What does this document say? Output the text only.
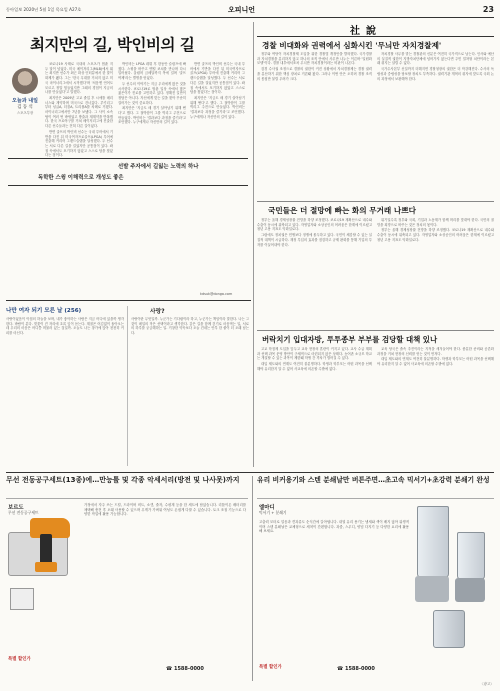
동아일보 2020년 5월 1일 목요일 A27호	오피니언	23
최지만의 길, 박인비의 길
오늘과 내일
김 동 석
스포츠부장

코로나19 사태로 국내외 스포츠가 멈춘 지 두 달이 넘었다. 미국 메이저리그(MLB)에서 뛰는 최지만 선수가 최근 화상 인터뷰에서 한 말이 화제가 됐다. 그는 '한국 무대를 거치지 않고 미국 마이너리그에서 시작했다'며 '처음엔 언어도 모르고 정말 힘들었지만 그때의 경험이 지금의 나를 만들었다'고 말했다.

최지만은 2009년 고교 졸업 후 시애틀 매리너스와 계약하며 미국으로 건너갔다. 루키리그부터 싱글A, 더블A, 트리플A를 차례로 거쳤다. 마이너리그에서만 7년을 보냈다. 그 사이 소속팀이 여러 번 바뀌었고 방출과 재계약을 반복했다. 한국 프로야구를 거쳐 메이저리그에 진출한 다른 선수들과는 전혀 다른 길이었다.

반면 골프의 박인비 선수는 국내 투어에서 기반을 다진 뒤 미국여자프로골프(LPGA) 투어에 진출해 커리어 그랜드슬램을 달성했다. 두 선수는 서로 다른 길을 걸었지만 공통점이 있다. 좌절 속에서도 포기하지 않았고 스스로 답을 찾았다는 점이다.

박인비는 LPGA 데뷔 후 한동안 슬럼프에 빠졌다. 스윙을 바꾸고 멘털 코치를 만나며 다시 일어섰다. 올림픽 금메달까지 목에 걸며 '골프 여제'라는 별명을 얻었다.

두 선수의 이야기는 지금 우리에게 많은 것을 시사한다. 코로나19로 멈춘 일상 속에서 많은 젊은이가 진로를 고민하고 있다. 정해진 길만이 정답은 아니다. 자신에게 맞는 길을 찾아 꾸준히 걸어가는 것이 중요하다.

최지만은 '지금도 매 경기 살아남기 위해 뛴다'고 했다. 그 절박함이 그를 빅리그 주전으로 만들었다. 박인비는 '결과보다 과정을 즐기라'고 조언했다. 누구에게나 자신만의 길이 있다.

반면 골프의 박인비 선수는 국내 투어에서 기반을 다진 뒤 미국여자프로골프(LPGA) 투어에 진출해 커리어 그랜드슬램을 달성했다. 두 선수는 서로 다른 길을 걸었지만 공통점이 있다. 좌절 속에서도 포기하지 않았고 스스로 답을 찾았다는 점이다.

최지만은 '지금도 매 경기 살아남기 위해 뛴다'고 했다. 그 절박함이 그를 빅리그 주전으로 만들었다. 박인비는 '결과보다 과정을 즐기라'고 조언했다. 누구에게나 자신만의 길이 있다.

선발 주자에서 길잃는 노력의 하나
독학한 스윙 이해력으로 개성도 좋은
kdsuk@donga.com
나만 여자 되기 모른 날 (256)
사랑이었음이 아침의 하늘을 보며, 내가 좋아하는 사람은 지금 어디에 있을까 생각한다. 바람이 분다. 벚꽃이 진 자리에 초록 잎이 돋는다. 계절은 어김없이 돌아오는데 우리의 마음은 어디쯤 머물러 있는 것일까. 오늘도 나는 창가에 앉아 천천히 커피를 마신다.
사랑?
사랑이란 무엇일까. 누군가는 기다림이라 하고, 누군가는 책임이라 말한다. 나는 그것이 매일의 작은 선택이라고 생각한다. 같은 길을 함께 걷기로 마음먹는 일, 서로의 하루를 궁금해하는 일. 거창한 약속보다 오늘 건네는 안부 한 줄이 더 오래 남는다.
社說
경찰 비대화와 권력에서 심화시킨 '무늬만 자치경찰제'

정부와 여당이 자치경찰제 도입을 위한 경찰법 개정안을 발의했다. 국가경찰과 자치경찰을 분리하지 않고 하나의 조직 안에서 사무만 나누는 이른바 '일원화 모델'이다. 경찰 내부에서조차 무늬만 자치경찰이라는 비판이 나온다.

검경 수사권 조정으로 경찰의 권한이 커진 상황에서 자치경찰제는 경찰 권력을 분산하기 위한 핵심 장치로 거론돼 왔다. 그러나 이번 안은 오히려 경찰 조직의 몸집만 불릴 우려가 크다.

자치경찰 사무를 맡는 경찰관의 신분은 여전히 국가직으로 남는다. 인사와 예산의 실질적 권한이 지방자치단체에 넘어가지 않는다면 주민 밀착형 치안이라는 본래 취지는 살릴 수 없다.

국가수사본부 신설까지 더해지면 경찰청장의 권한은 더 막강해진다. 수사의 독립성과 중립성을 담보할 장치도 부족하다. 권력기관 개혁의 취지에 맞도록 국회 논의 과정에서 보완해야 한다.

국민들은 더 절망에 빠는 화의 무거래 나쁘다

정부는 올해 경제성장률 전망을 하향 조정했다. 코로나19 재확산으로 내수와 수출이 동시에 위축되고 있다. 자영업자와 소상공인의 어려움은 한계에 이르렀고 청년 고용 지표도 악화일로다.

그럼에도 정치권은 민생보다 정쟁에 몰두하고 있다. 국민이 체감할 수 있는 실질적 대책이 시급하다. 재정 투입의 효과를 점검하고 규제 완화를 통해 기업의 투자를 이끌어내야 한다.

위기일수록 정부와 국회, 기업과 노동계가 함께 머리를 맞대야 한다. 국민의 절망을 희망으로 바꾸는 것은 정치의 몫이다.

정부는 올해 경제성장률 전망을 하향 조정했다. 코로나19 재확산으로 내수와 수출이 동시에 위축되고 있다. 자영업자와 소상공인의 어려움은 한계에 이르렀고 청년 고용 지표도 악화일로다.

버락치기 입대자방, 투투종부 부부를 검당할 대책 있나

고교 학점제 도입을 앞두고 교육 현장의 혼란이 커지고 있다. 교사 수급 계획과 선택 과목 운영 방안이 구체적으로 마련되지 않은 상태다. 농어촌 소규모 학교는 개설할 수 있는 과목이 제한돼 학생 간 격차가 벌어질 수 있다.

대입 제도와의 연계도 여전히 불분명하다. 학생과 학부모는 어떤 과목을 선택해야 유리한지 알 수 없어 사교육에 의존할 수밖에 없다.

교육 당국은 졸속 추진이라는 지적을 새겨들어야 한다. 충분한 준비와 공론화 과정을 거쳐 현장의 신뢰를 얻는 것이 먼저다.

대입 제도와의 연계도 여전히 불분명하다. 학생과 학부모는 어떤 과목을 선택해야 유리한지 알 수 없어 사교육에 의존할 수밖에 없다.

무선 전동공구세트(13종)에…만능툴 및 각종 악세서리(방전 및 나사못)까지
보르도
무선 전동공구세트
가정에서 자주 쓰는 드릴, 드라이버 비트, 소켓, 줄자, 수평계 등을 한 세트에 담았습니다. 리튬이온 배터리를 채택해 충전 후 오래 사용할 수 있으며 무게가 가벼워 여성도 손쉽게 다룰 수 있습니다. 토크 조절 기능으로 다양한 작업에 활용 가능합니다.
특별 할인가
☎ 1588-0000
유리 비커용기와 스텐 분쇄날만 버튼주면…초고속 믹서기+초강력 분쇄기 완성
엘마디
믹서기 + 분쇄기
고출력 모터로 얼음과 견과류도 순식간에 갈아냅니다. 내열 유리 용기는 냄새와 색이 배지 않아 위생적이며 스텐 분쇄날은 교체형으로 세척이 간편합니다. 과즙, 스무디, 양념 다지기 등 다양한 요리에 활용해 보세요.
특별 할인가	☎ 1588-0000
〈광고〉
